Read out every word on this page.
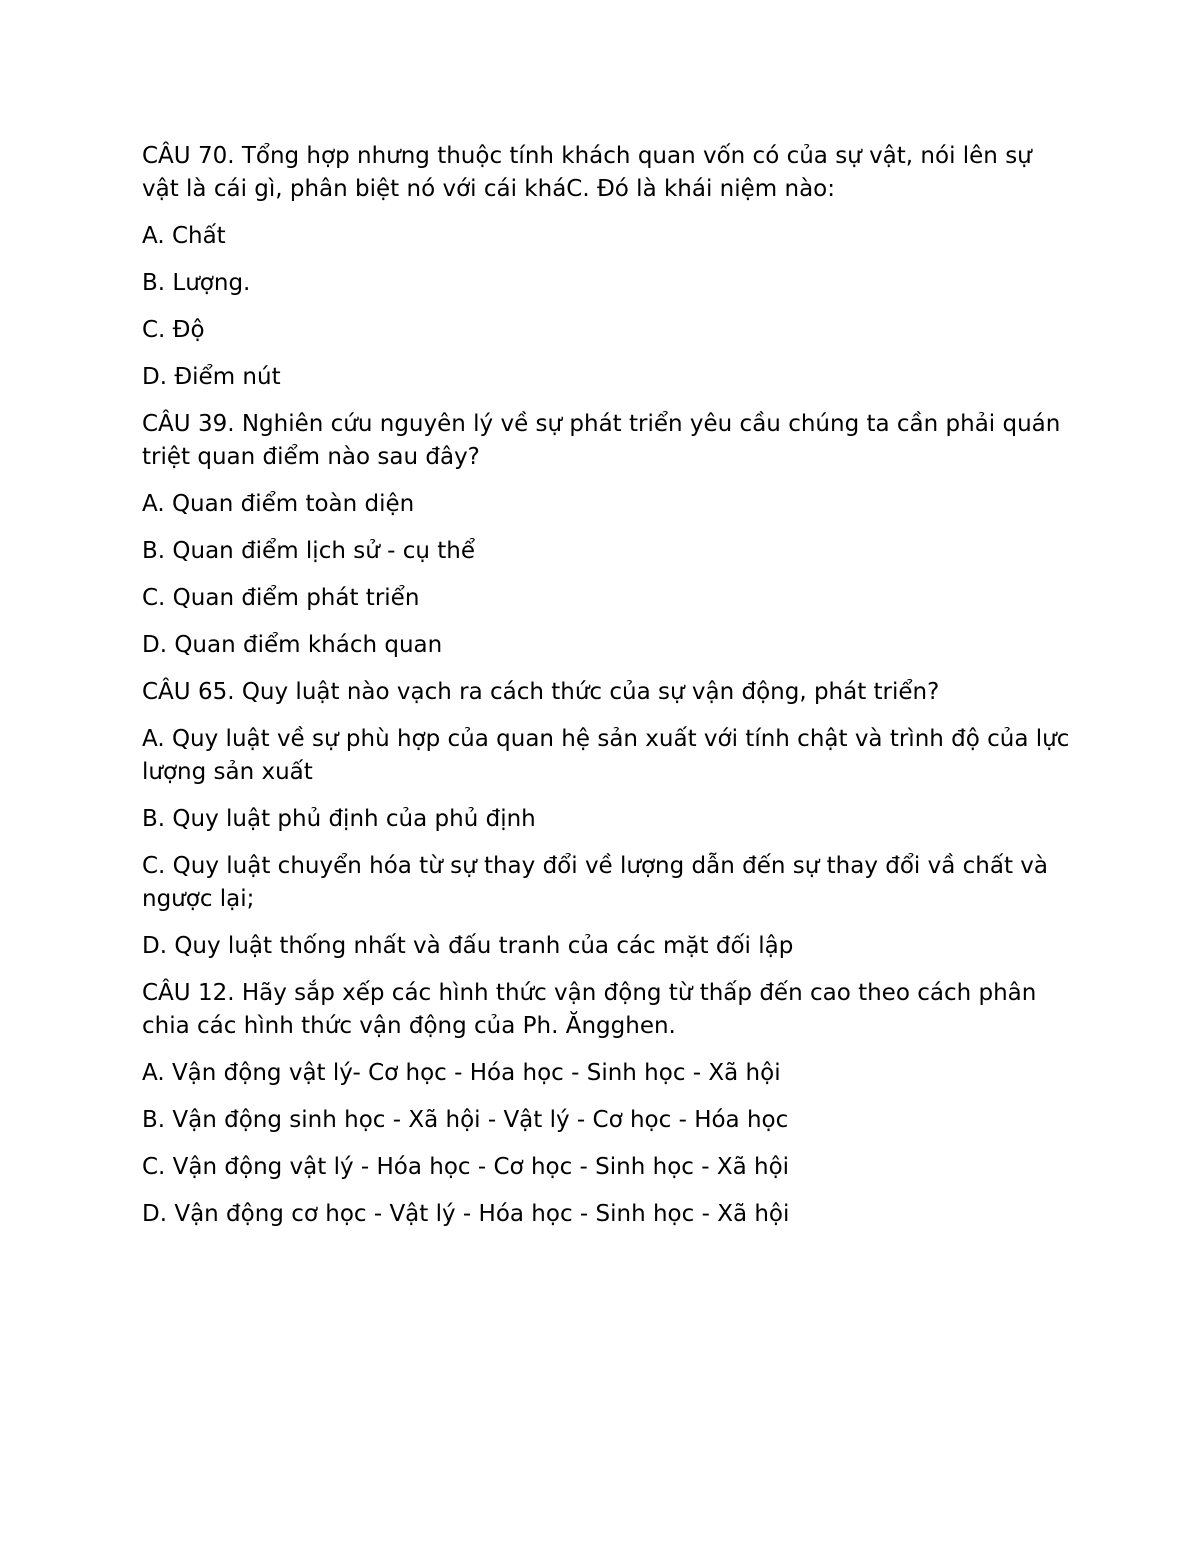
CÂU 70. Tổng hợp nhưng thuộc tính khách quan vốn có của sự vật, nói lên sự vật là cái gì, phân biệt nó với cái kháC. Đó là khái niệm nào:

A. Chất

B. Lượng.

C. Độ

D. Điểm nút

CÂU 39. Nghiên cứu nguyên lý về sự phát triển yêu cầu chúng ta cần phải quán triệt quan điểm nào sau đây?

A. Quan điểm toàn diện

B. Quan điểm lịch sử - cụ thể

C. Quan điểm phát triển

D. Quan điểm khách quan

CÂU 65. Quy luật nào vạch ra cách thức của sự vận động, phát triển?

A. Quy luật về sự phù hợp của quan hệ sản xuất với tính chật và trình độ của lực lượng sản xuất

B. Quy luật phủ định của phủ định

C. Quy luật chuyển hóa từ sự thay đổi về lượng dẫn đến sự thay đổi vầ chất và ngược lại;

D. Quy luật thống nhất và đấu tranh của các mặt đối lập

CÂU 12. Hãy sắp xếp các hình thức vận động từ thấp đến cao theo cách phân chia các hình thức vận động của Ph. Ăngghen.

A. Vận động vật lý- Cơ học - Hóa học - Sinh học - Xã hội

B. Vận động sinh học - Xã hội - Vật lý - Cơ học - Hóa học

C. Vận động vật lý - Hóa học - Cơ học - Sinh học - Xã hội

D. Vận động cơ học - Vật lý - Hóa học - Sinh học - Xã hội
